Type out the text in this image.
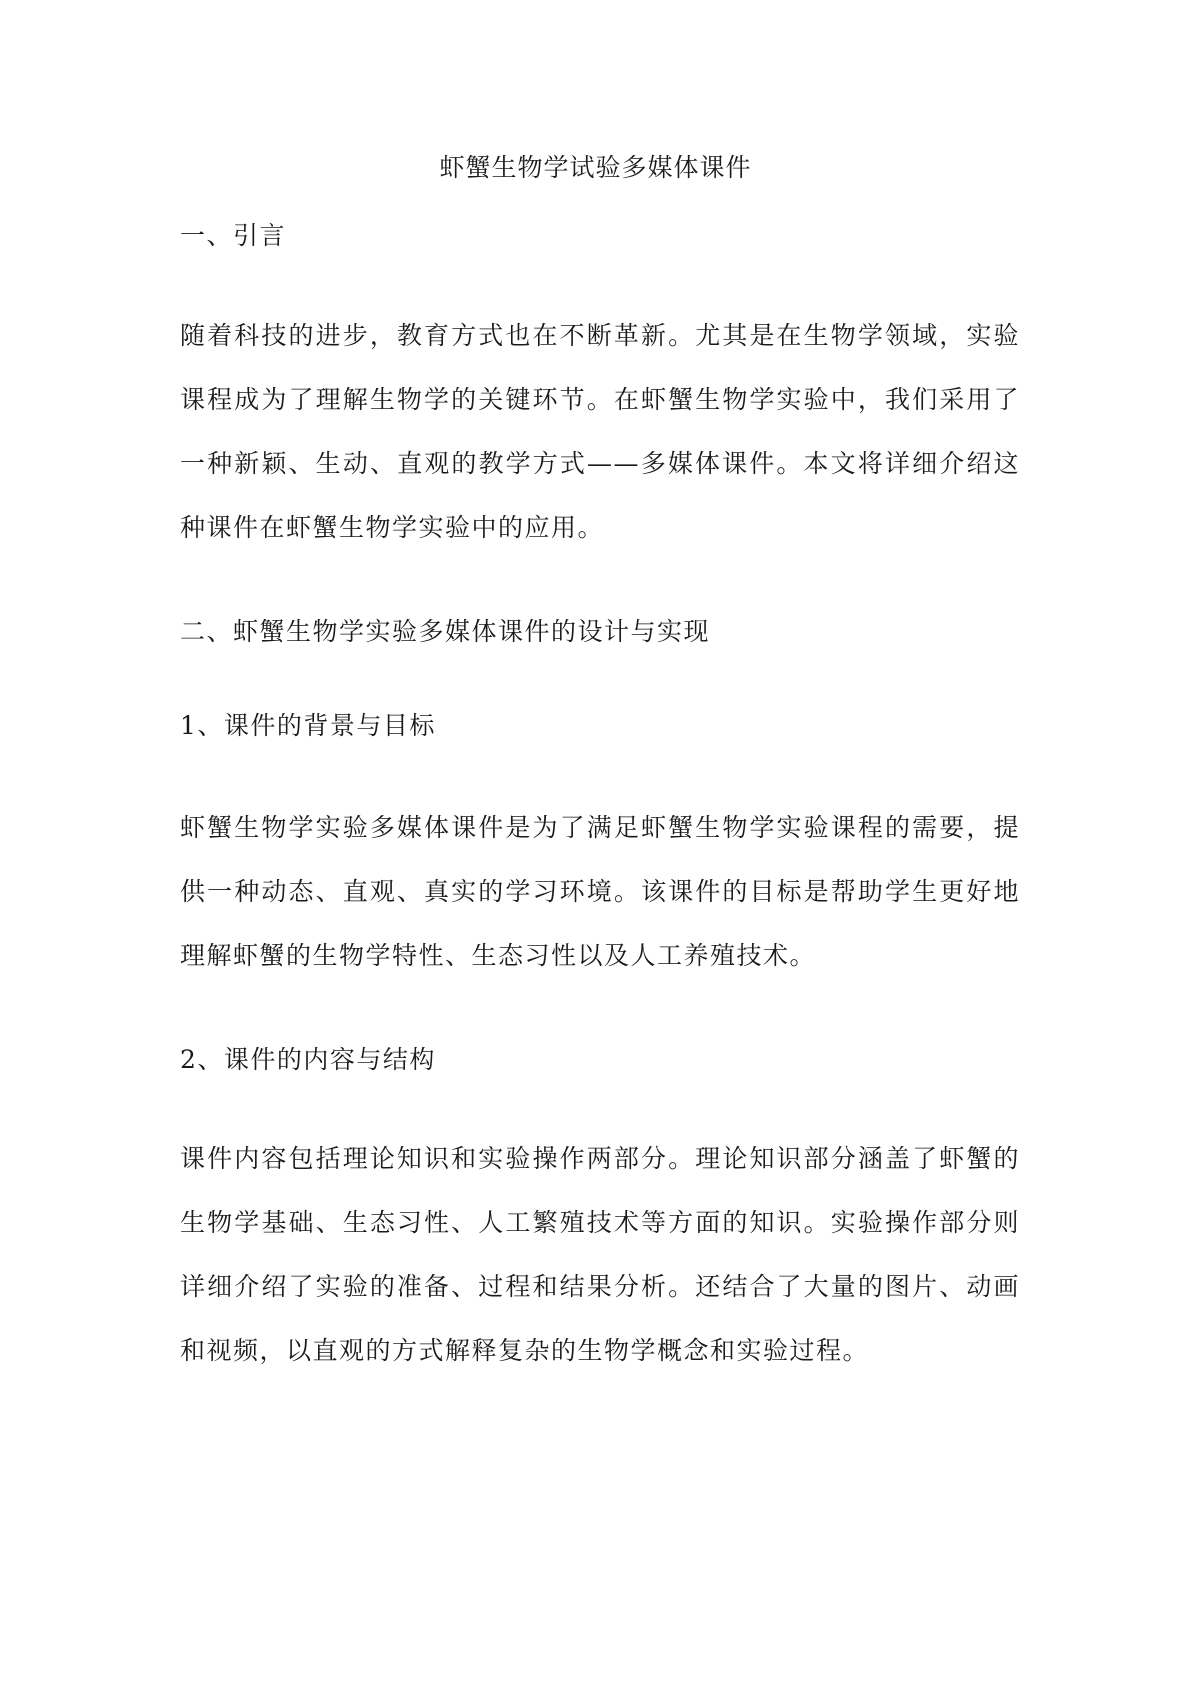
虾蟹生物学试验多媒体课件
一、引言
随着科技的进步，教育方式也在不断革新。尤其是在生物学领域，实验课程成为了理解生物学的关键环节。在虾蟹生物学实验中，我们采用了一种新颖、生动、直观的教学方式——多媒体课件。本文将详细介绍这种课件在虾蟹生物学实验中的应用。
二、虾蟹生物学实验多媒体课件的设计与实现
1、课件的背景与目标
虾蟹生物学实验多媒体课件是为了满足虾蟹生物学实验课程的需要，提供一种动态、直观、真实的学习环境。该课件的目标是帮助学生更好地理解虾蟹的生物学特性、生态习性以及人工养殖技术。
2、课件的内容与结构
课件内容包括理论知识和实验操作两部分。理论知识部分涵盖了虾蟹的生物学基础、生态习性、人工繁殖技术等方面的知识。实验操作部分则详细介绍了实验的准备、过程和结果分析。还结合了大量的图片、动画和视频，以直观的方式解释复杂的生物学概念和实验过程。
